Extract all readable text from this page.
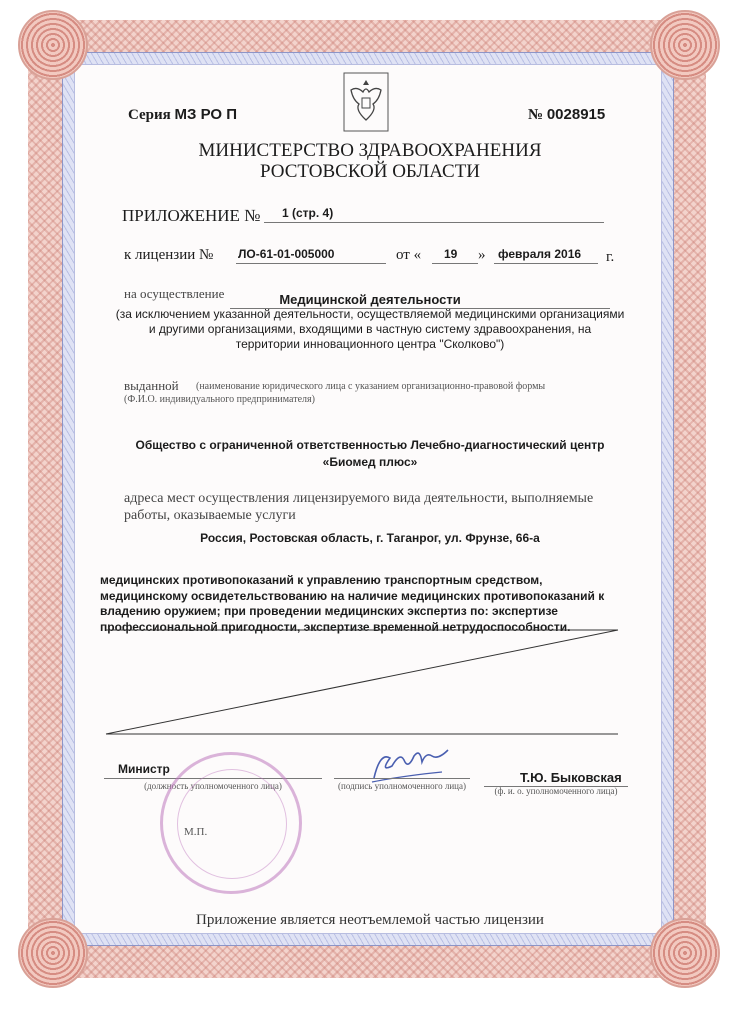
Серия МЗ РО П	№ 0028915
МИНИСТЕРСТВО ЗДРАВООХРАНЕНИЯ
РОСТОВСКОЙ ОБЛАСТИ
ПРИЛОЖЕНИЕ № 1 (стр. 4)
к лицензии № ЛО-61-01-005000	от « 19 » февраля 2016 г.
на осуществление	Медицинской деятельности
(за исключением указанной деятельности, осуществляемой медицинскими организациями
и другими организациями, входящими в частную систему здравоохранения, на
территории инновационного центра "Сколково")
выданной (наименование юридического лица с указанием организационно-правовой формы
(Ф.И.О. индивидуального предпринимателя)
Общество с ограниченной ответственностью Лечебно-диагностический центр
«Биомед плюс»
адреса мест осуществления лицензируемого вида деятельности, выполняемые
работы, оказываемые услуги
Россия, Ростовская область, г. Таганрог, ул. Фрунзе, 66-а
медицинских противопоказаний к управлению транспортным средством,
медицинскому освидетельствованию на наличие медицинских противопоказаний к
владению оружием; при проведении медицинских экспертиз по: экспертизе
профессиональной пригодности, экспертизе временной нетрудоспособности.
Министр
(должность уполномоченного лица)	(подпись уполномоченного лица)
Т.Ю. Быковская
(ф. и. о. уполномоченного лица)
М.П.
Приложение является неотъемлемой частью лицензии
